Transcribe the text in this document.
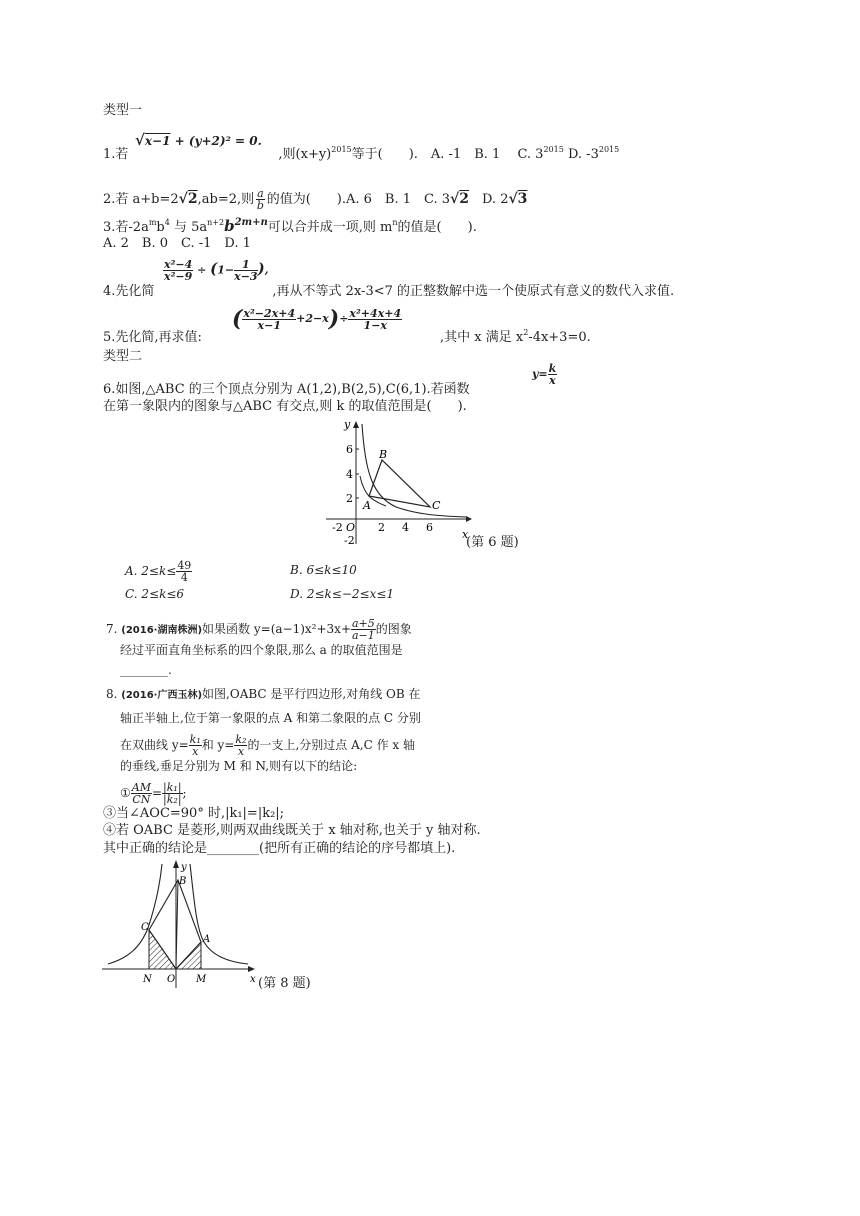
类型一
√x−1 + (y+2)² = 0.
1.若	,则$(x+y)^{2015}$等于(　　).　A. -1　B. 1　 C. $3^{2015}$ D. $-3^{2015}$
2.若 a+b=2√2,ab=2,则 $\frac{a}{b}$ 的值为(　　).A. 6　B. 1　C. 3√2　D. 2√3
3.若$-2a^mb^4$ 与 $5a^{n+2}b^{2m+n}$可以合并成一项,则 $m^n$的值是(　　).
A. 2　B. 0　C. -1　D. 1
$\frac{\text{x²−4}}{\text{x²−9}} \div (1- \frac{1}{x-3}$ ),
4.先化简	,再从不等式 2x-3<7 的正整数解中选一个使原式有意义的数代入求值.
5.先化简,再求值:
( $\frac{\text{x²−2x+4}}{x-1} +2-x)\div \frac{\text{x²+4x+4}}{1-x}$
,其中 x 满足 $x^2-4x+3=0$.
类型二
6.如图,△ABC 的三个顶点分别为 A(1,2),B(2,5),C(6,1).若函数
$y= \frac{k}{x}$
在第一象限内的图象与△ABC 有交点,则 k 的取值范围是(　　).
y
x
O
6
4
2
-2
-2	2 4 6
A
B
C
(第 6 题)
A. $2\le k\le \frac{49}{4}$	B. 6≤k≤10
C. 2≤k≤6	D. 2≤k≤−2≤x≤1
7. (2016·湖南株洲)如果函数 $y=(a-1)x^2+3x+ \frac{a+5}{a-1}$ 的图象
经过平面直角坐标系的四个象限,那么 a 的取值范围是
________.
8. (2016·广西玉林)如图,OABC 是平行四边形,对角线 OB 在
轴正半轴上,位于第一象限的点 A 和第二象限的点 C 分别
在双曲线 $y= \frac{\text{k₁}}{x}$ 和 $y= \frac{\text{k₂}}{x}$ 的一支上,分别过点 A,C 作 x 轴
的垂线,垂足分别为 M 和 N,则有以下的结论:
① $\frac{AM}{CN} = \frac{\text{|k₁|}}{\text{|k₂|}}$ ;
③当∠AOC=90° 时,|k₁|=|k₂|;
④若 OABC 是菱形,则两双曲线既关于 x 轴对称,也关于 y 轴对称.
其中正确的结论是________(把所有正确的结论的序号都填上).
y
x
C
B
A
N O M	(第 8 题)
